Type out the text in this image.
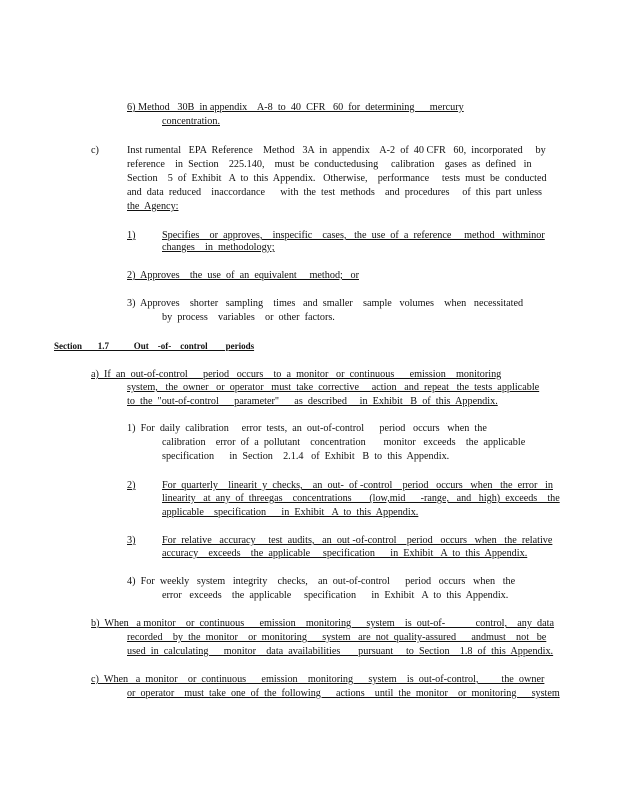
6) Method   30B  in appendix    A-8  to  40  CFR   60  for  determining      mercury
concentration.
c)	Inst rumental   EPA  Reference    Method   3A  in  appendix    A-2  of  40 CFR   60,  incorporated     by
reference    in  Section    225.140,    must  be  conductedusing     calibration    gases  as  defined   in
Section    5  of  Exhibit   A  to  this  Appendix.   Otherwise,    performance     tests  must  be  conducted
and  data  reduced    inaccordance      with  the  test  methods    and  procedures     of  this  part  unless
the  Agency:
1)	Specifies    or  approves,    inspecific    cases,   the  use  of  a  reference     method   withminor
changes    in  methodology;
2)  Approves    the  use  of  an  equivalent     method;   or
3)  Approves    shorter   sampling    times   and  smaller    sample   volumes    when   necessitated
by  process    variables    or  other  factors.
Section       1.7           Out    -of-    control        periods
a)  If  an  out-of-control      period   occurs    to  a  monitor   or  continuous      emission    monitoring
system,   the  owner   or  operator   must  take  corrective     action   and  repeat   the  tests  applicable
to  the  "out-of-control      parameter"      as  described     in  Exhibit   B  of  this  Appendix.
1)  For  daily  calibration     error  tests,  an  out-of-control      period   occurs   when  the
calibration    error  of  a  pollutant    concentration       monitor   exceeds    the  applicable
specification      in  Section    2.1.4   of  Exhibit   B  to  this  Appendix.
2)	For  quarterly    linearit  y  checks,    an  out-  of -control    period   occurs   when   the  error   in
linearity   at  any  of  threegas    concentrations       (low,mid      -range,   and   high)  exceeds    the
applicable    specification      in  Exhibit   A  to  this  Appendix.
3)	For  relative   accuracy     test  audits,   an  out -of-control    period   occurs   when   the  relative
accuracy    exceeds    the  applicable     specification      in  Exhibit   A  to  this  Appendix.
4)  For  weekly   system   integrity    checks,    an  out-of-control      period   occurs   when   the
error   exceeds    the  applicable     specification      in  Exhibit   A  to  this  Appendix.
b)  When   a monitor    or  continuous      emission    monitoring      system    is  out-of-            control,    any  data
recorded    by  the  monitor    or  monitoring      system   are  not  quality-assured      andmust    not   be
used  in  calculating      monitor    data  availabilities       pursuant     to  Section    1.8  of  this  Appendix.
c)  When   a  monitor    or  continuous      emission    monitoring      system    is  out-of-control,         the  owner
or  operator    must  take  one  of  the  following      actions    until  the  monitor    or  monitoring      system
